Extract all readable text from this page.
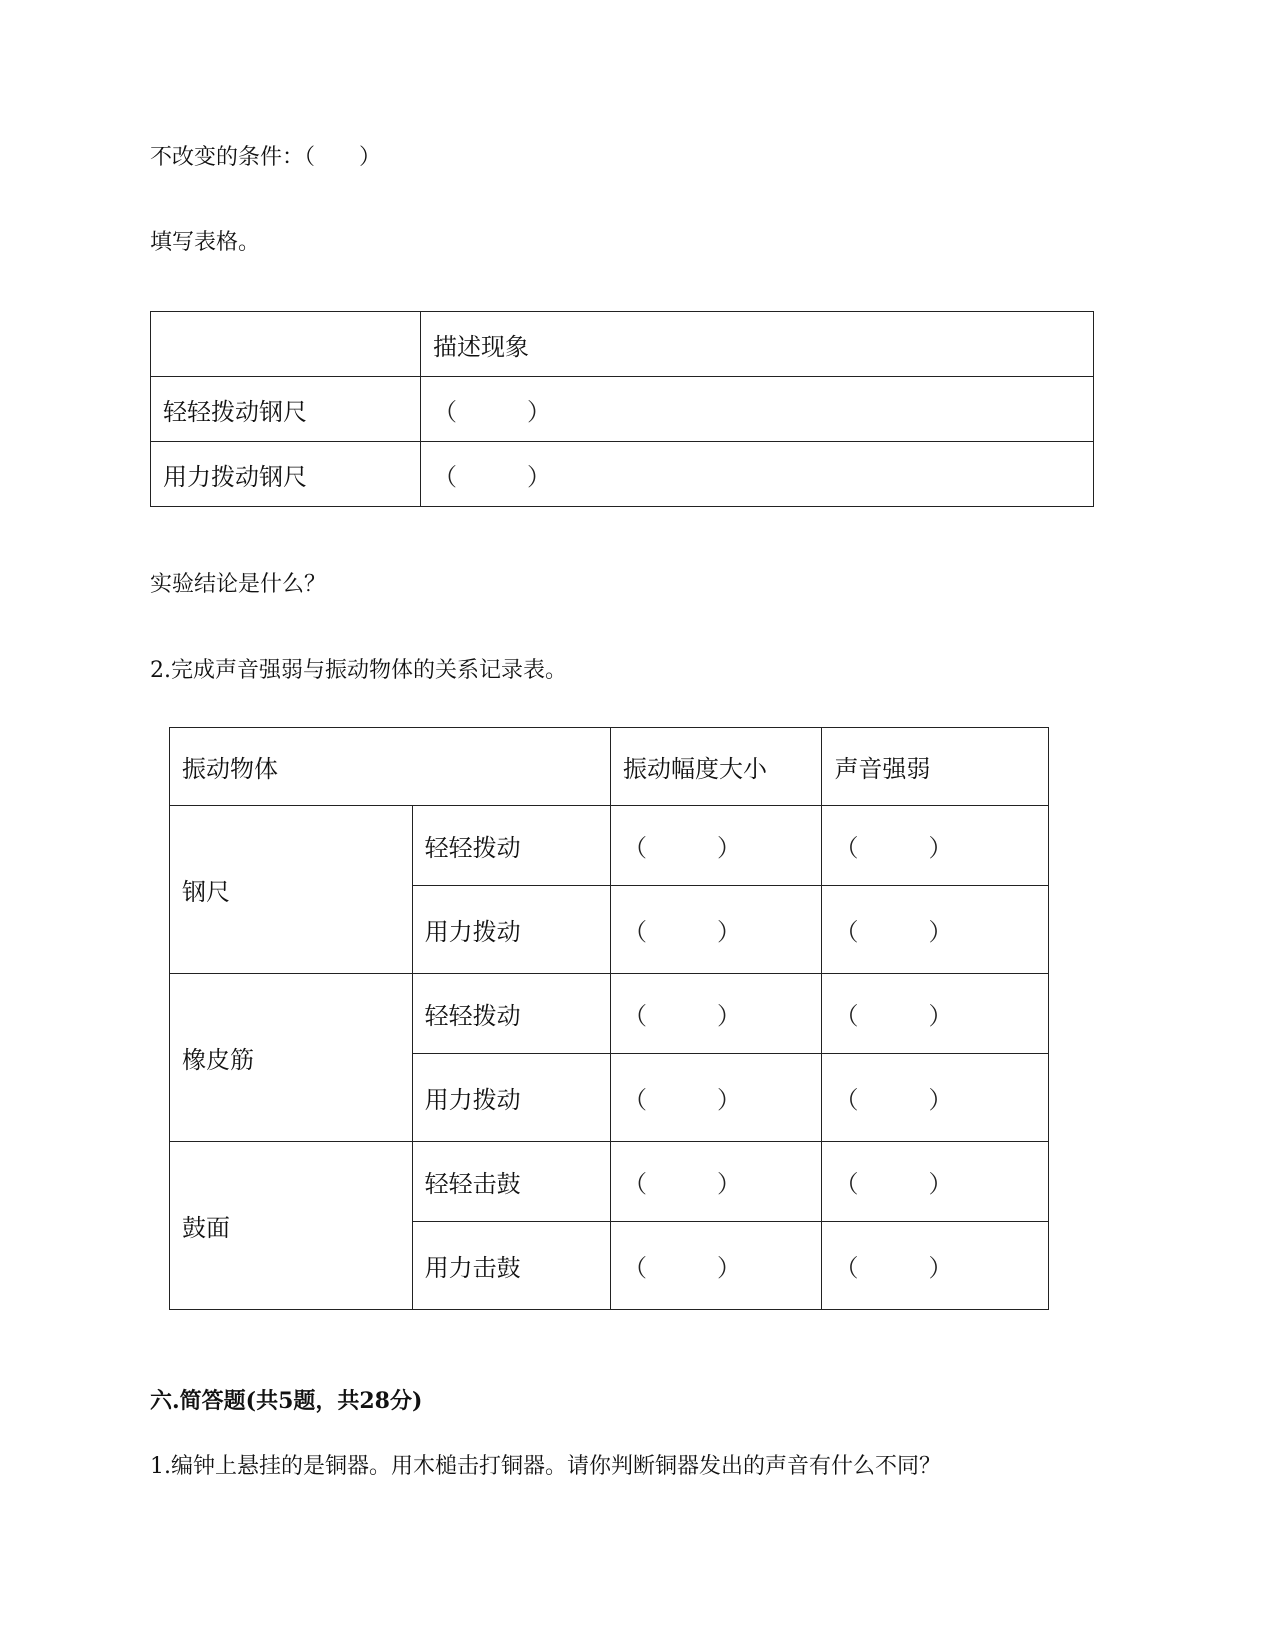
不改变的条件：（　　）
填写表格。
	描述现象
轻轻拨动钢尺	（ ）
用力拨动钢尺	（ ）
实验结论是什么？
2.完成声音强弱与振动物体的关系记录表。
振动物体		振动幅度大小	声音强弱
钢尺	轻轻拨动	（ ）	（ ）
	用力拨动	（ ）	（ ）
橡皮筋	轻轻拨动	（ ）	（ ）
	用力拨动	（ ）	（ ）
鼓面	轻轻击鼓	（ ）	（ ）
	用力击鼓	（ ）	（ ）
六.简答题(共5题，共28分)
1.编钟上悬挂的是铜器。用木槌击打铜器。请你判断铜器发出的声音有什么不同？
